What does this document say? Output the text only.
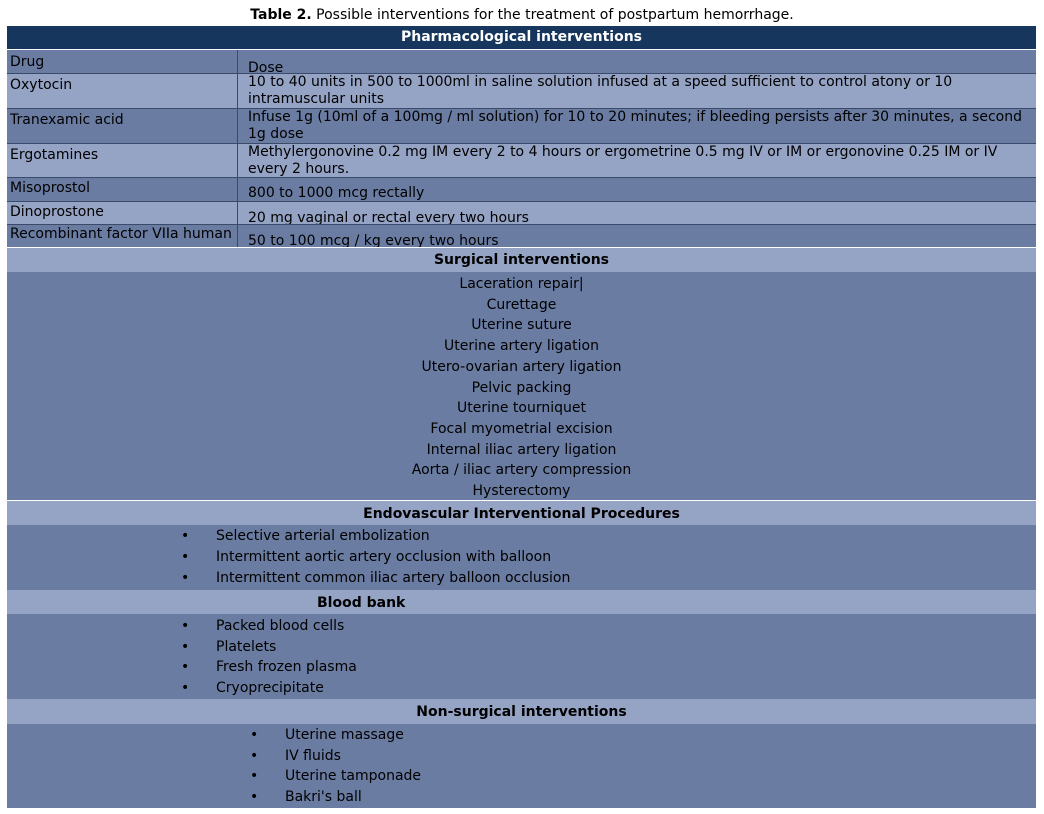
Table 2. Possible interventions for the treatment of postpartum hemorrhage.
Pharmacological interventions
Drug	Dose
Oxytocin	10 to 40 units in 500 to 1000ml in saline solution infused at a speed sufficient to control atony or 10 intramuscular units
Tranexamic acid	Infuse 1g (10ml of a 100mg / ml solution) for 10 to 20 minutes; if bleeding persists after 30 minutes, a second 1g dose
Ergotamines	Methylergonovine 0.2 mg IM every 2 to 4 hours or ergometrine 0.5 mg IV or IM or ergonovine 0.25 IM or IV every 2 hours.
Misoprostol	800 to 1000 mcg rectally
Dinoprostone	20 mg vaginal or rectal every two hours
Recombinant factor VIIa human	50 to 100 mcg / kg every two hours
Surgical interventions
Laceration repair|
Curettage
Uterine suture
Uterine artery ligation
Utero-ovarian artery ligation
Pelvic packing
Uterine tourniquet
Focal myometrial excision
Internal iliac artery ligation
Aorta / iliac artery compression
Hysterectomy
Endovascular Interventional Procedures
• Selective arterial embolization
• Intermittent aortic artery occlusion with balloon
• Intermittent common iliac artery balloon occlusion
Blood bank
• Packed blood cells
• Platelets
• Fresh frozen plasma
• Cryoprecipitate
Non-surgical interventions
• Uterine massage
• IV fluids
• Uterine tamponade
• Bakri's ball
